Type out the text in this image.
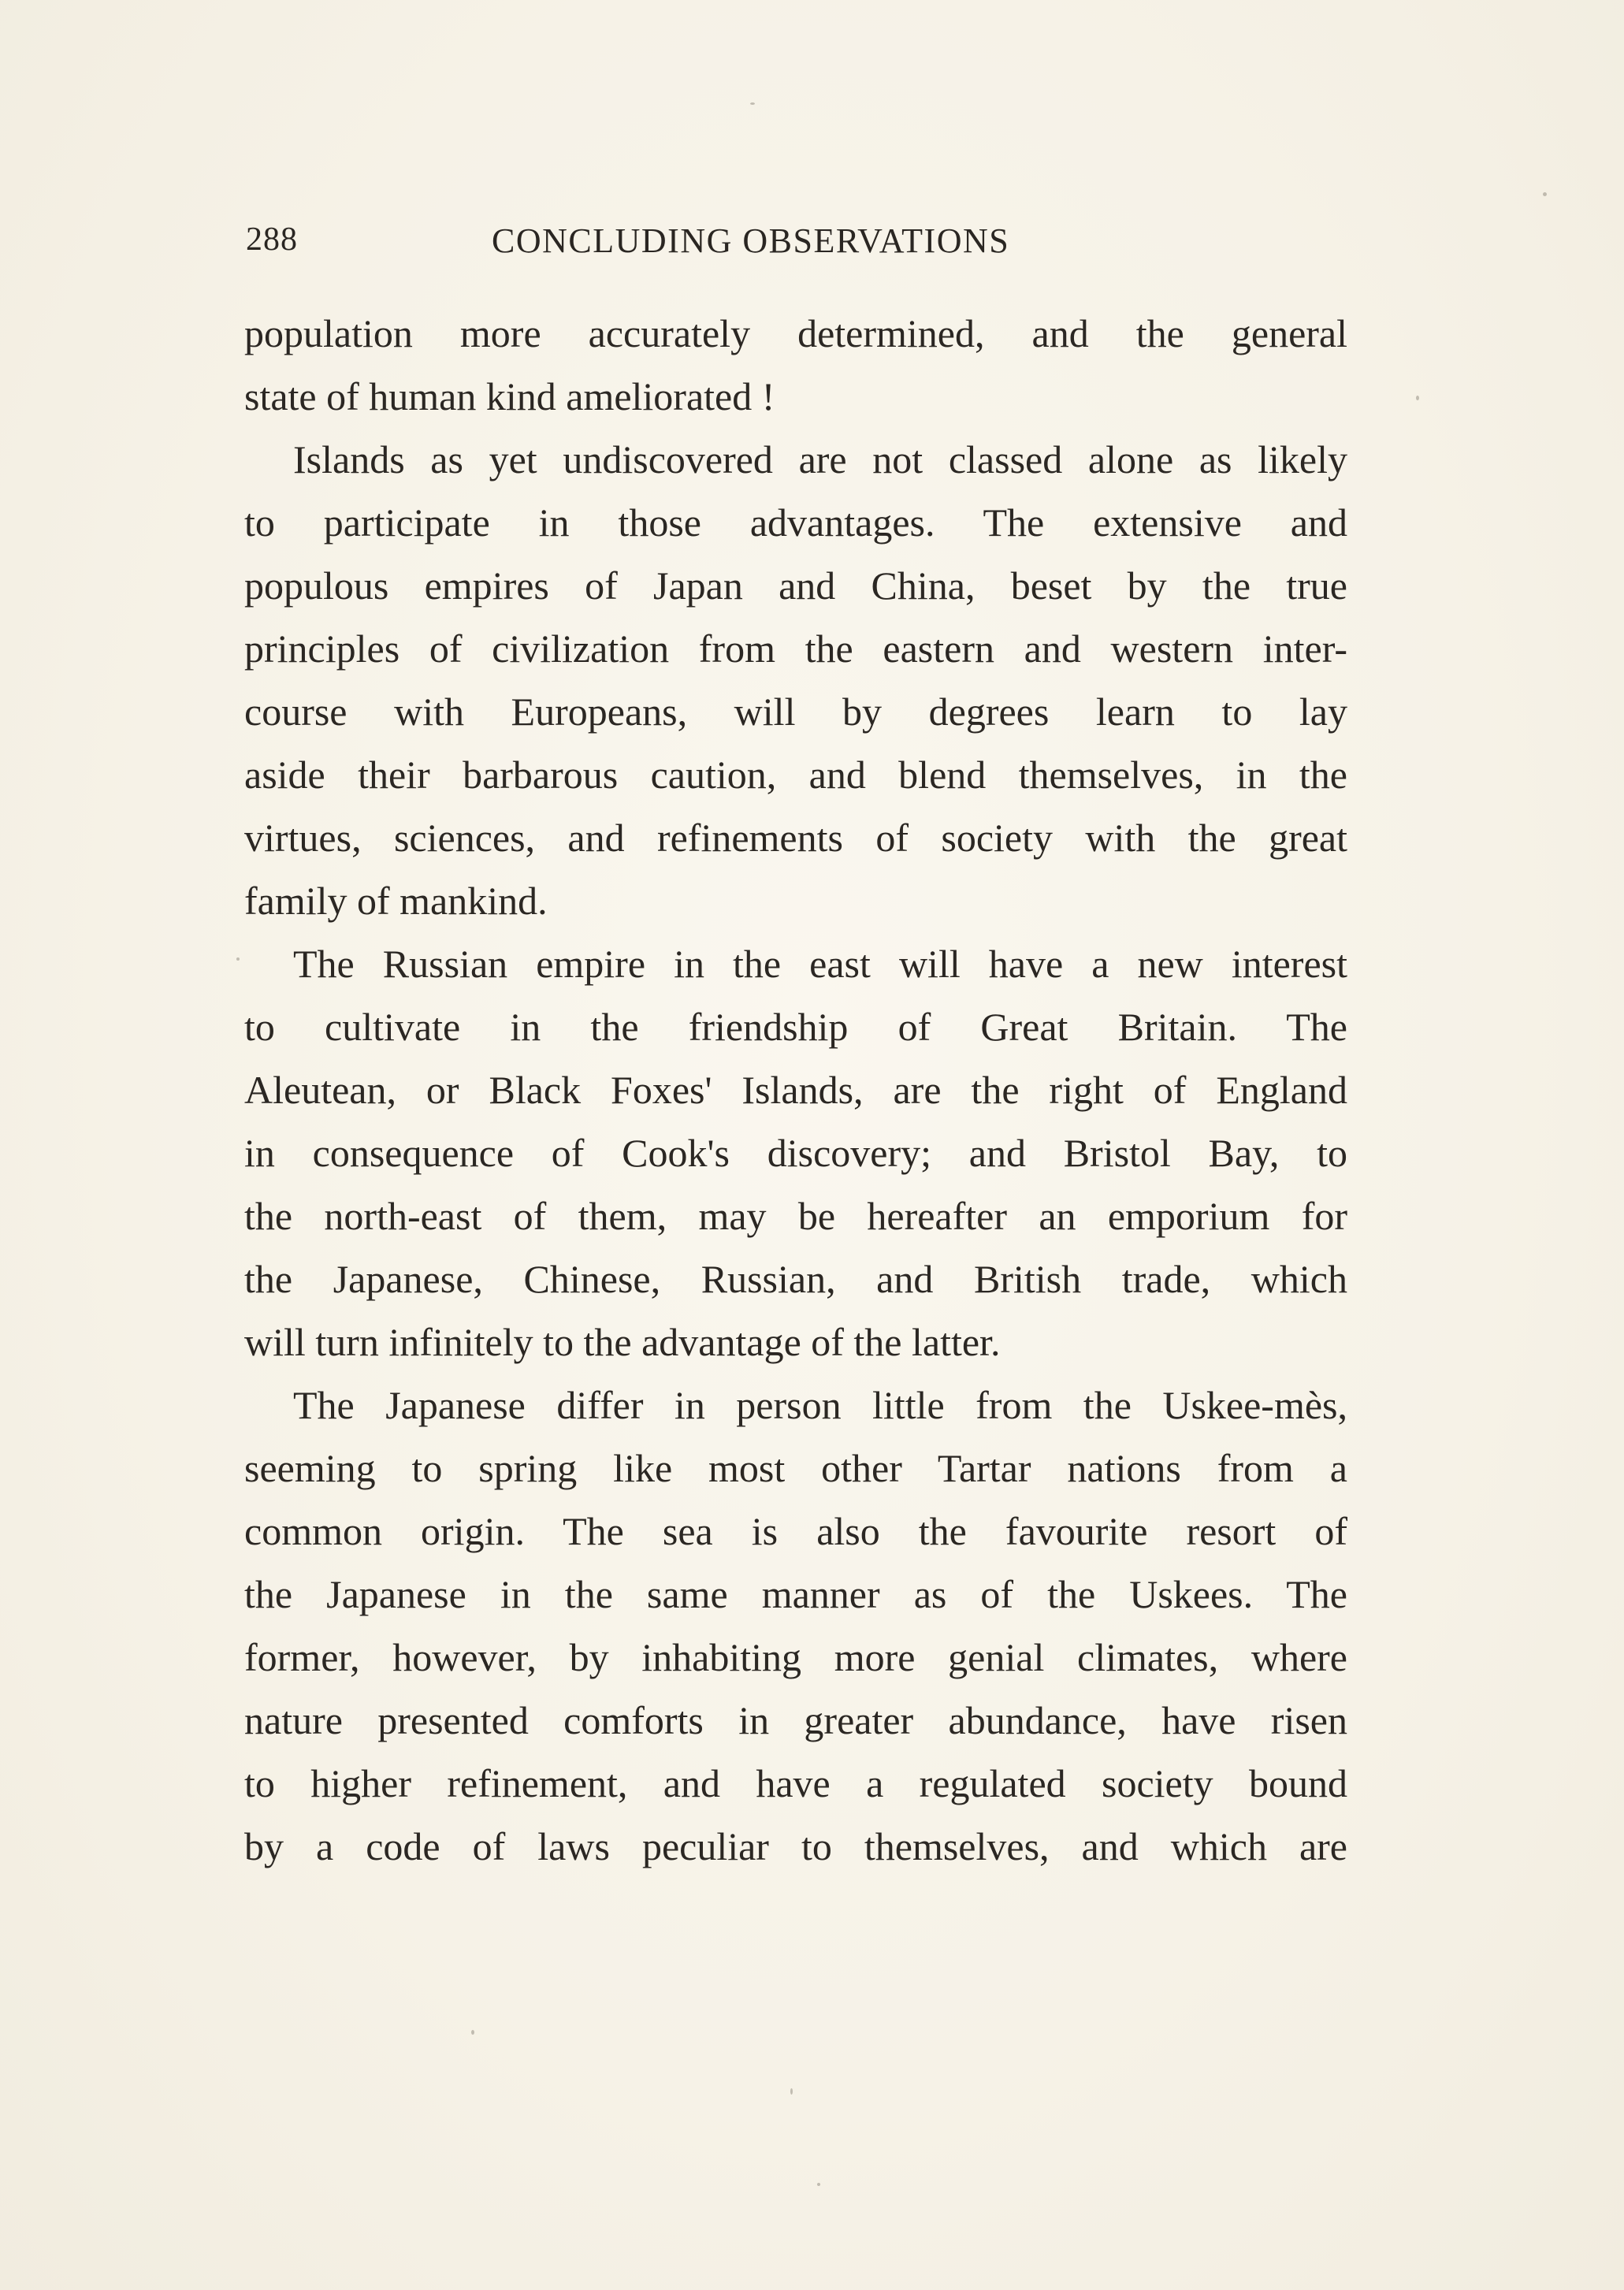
288	CONCLUDING OBSERVATIONS
population more accurately determined, and the general
state of human kind ameliorated !
Islands as yet undiscovered are not classed alone as likely
to participate in those advantages. The extensive and
populous empires of Japan and China, beset by the true
principles of civilization from the eastern and western inter-
course with Europeans, will by degrees learn to lay
aside their barbarous caution, and blend themselves, in the
virtues, sciences, and refinements of society with the great
family of mankind.
The Russian empire in the east will have a new interest
to cultivate in the friendship of Great Britain. The
Aleutean, or Black Foxes' Islands, are the right of England
in consequence of Cook's discovery; and Bristol Bay, to
the north-east of them, may be hereafter an emporium for
the Japanese, Chinese, Russian, and British trade, which
will turn infinitely to the advantage of the latter.
The Japanese differ in person little from the Uskee-mès,
seeming to spring like most other Tartar nations from a
common origin. The sea is also the favourite resort of
the Japanese in the same manner as of the Uskees. The
former, however, by inhabiting more genial climates, where
nature presented comforts in greater abundance, have risen
to higher refinement, and have a regulated society bound
by a code of laws peculiar to themselves, and which are
